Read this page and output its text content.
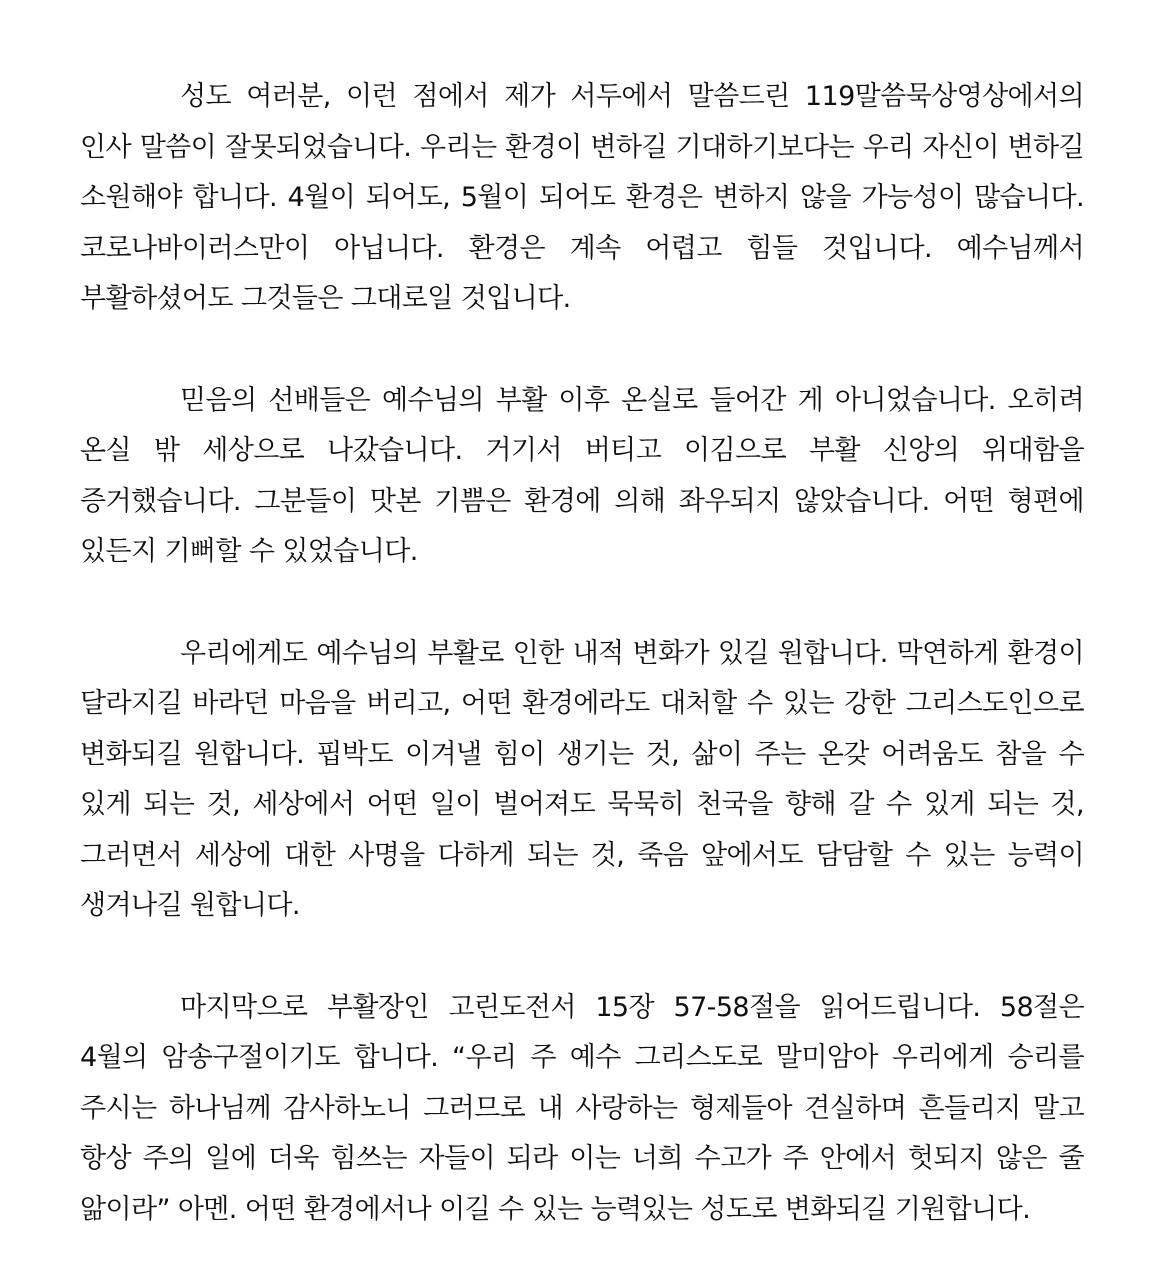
성도 여러분, 이런 점에서 제가 서두에서 말씀드린 119말씀묵상영상에서의 인사 말씀이 잘못되었습니다. 우리는 환경이 변하길 기대하기보다는 우리 자신이 변하길 소원해야 합니다. 4월이 되어도, 5월이 되어도 환경은 변하지 않을 가능성이 많습니다. 코로나바이러스만이 아닙니다. 환경은 계속 어렵고 힘들 것입니다. 예수님께서 부활하셨어도 그것들은 그대로일 것입니다.

믿음의 선배들은 예수님의 부활 이후 온실로 들어간 게 아니었습니다. 오히려 온실 밖 세상으로 나갔습니다. 거기서 버티고 이김으로 부활 신앙의 위대함을 증거했습니다. 그분들이 맛본 기쁨은 환경에 의해 좌우되지 않았습니다. 어떤 형편에 있든지 기뻐할 수 있었습니다.

우리에게도 예수님의 부활로 인한 내적 변화가 있길 원합니다. 막연하게 환경이 달라지길 바라던 마음을 버리고, 어떤 환경에라도 대처할 수 있는 강한 그리스도인으로 변화되길 원합니다. 핍박도 이겨낼 힘이 생기는 것, 삶이 주는 온갖 어려움도 참을 수 있게 되는 것, 세상에서 어떤 일이 벌어져도 묵묵히 천국을 향해 갈 수 있게 되는 것, 그러면서 세상에 대한 사명을 다하게 되는 것, 죽음 앞에서도 담담할 수 있는 능력이 생겨나길 원합니다.

마지막으로 부활장인 고린도전서 15장 57-58절을 읽어드립니다. 58절은 4월의 암송구절이기도 합니다. “우리 주 예수 그리스도로 말미암아 우리에게 승리를 주시는 하나님께 감사하노니 그러므로 내 사랑하는 형제들아 견실하며 흔들리지 말고 항상 주의 일에 더욱 힘쓰는 자들이 되라 이는 너희 수고가 주 안에서 헛되지 않은 줄 앎이라” 아멘. 어떤 환경에서나 이길 수 있는 능력있는 성도로 변화되길 기원합니다.
